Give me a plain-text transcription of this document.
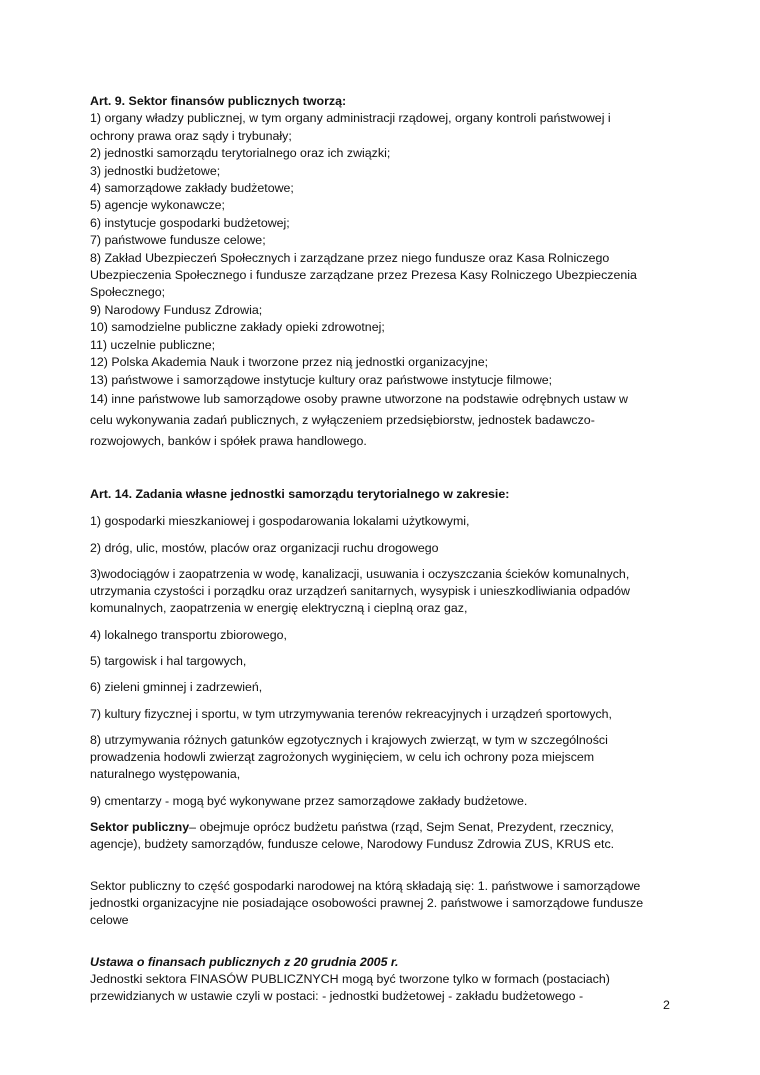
Art. 9. Sektor finansów publicznych tworzą:
1) organy władzy publicznej, w tym organy administracji rządowej, organy kontroli państwowej i
ochrony prawa oraz sądy i trybunały;
2) jednostki samorządu terytorialnego oraz ich związki;
3) jednostki budżetowe;
4) samorządowe zakłady budżetowe;
5) agencje wykonawcze;
6) instytucje gospodarki budżetowej;
7) państwowe fundusze celowe;
8) Zakład Ubezpieczeń Społecznych i zarządzane przez niego fundusze oraz Kasa Rolniczego
Ubezpieczenia Społecznego i fundusze zarządzane przez Prezesa Kasy Rolniczego Ubezpieczenia
Społecznego;
9) Narodowy Fundusz Zdrowia;
10) samodzielne publiczne zakłady opieki zdrowotnej;
11) uczelnie publiczne;
12) Polska Akademia Nauk i tworzone przez nią jednostki organizacyjne;
13) państwowe i samorządowe instytucje kultury oraz państwowe instytucje filmowe;
14) inne państwowe lub samorządowe osoby prawne utworzone na podstawie odrębnych ustaw w
celu wykonywania zadań publicznych, z wyłączeniem przedsiębiorstw, jednostek badawczo-
rozwojowych, banków i spółek prawa handlowego.
Art. 14. Zadania własne jednostki samorządu terytorialnego w zakresie:
1) gospodarki mieszkaniowej i gospodarowania lokalami użytkowymi,
2) dróg, ulic, mostów, placów oraz organizacji ruchu drogowego
3)wodociągów i zaopatrzenia w wodę, kanalizacji, usuwania i oczyszczania ścieków komunalnych,
utrzymania czystości i porządku oraz urządzeń sanitarnych, wysypisk i unieszkodliwiania odpadów
komunalnych, zaopatrzenia w energię elektryczną i cieplną oraz gaz,
4) lokalnego transportu zbiorowego,
5) targowisk i hal targowych,
6) zieleni gminnej i zadrzewień,
7) kultury fizycznej i sportu, w tym utrzymywania terenów rekreacyjnych i urządzeń sportowych,
8) utrzymywania różnych gatunków egzotycznych i krajowych zwierząt, w tym w szczególności
prowadzenia hodowli zwierząt zagrożonych wyginięciem, w celu ich ochrony poza miejscem
naturalnego występowania,
9) cmentarzy - mogą być wykonywane przez samorządowe zakłady budżetowe.
Sektor publiczny– obejmuje oprócz budżetu państwa (rząd, Sejm Senat, Prezydent, rzecznicy,
agencje), budżety samorządów, fundusze celowe, Narodowy Fundusz Zdrowia ZUS, KRUS etc.
Sektor publiczny to część gospodarki narodowej na którą składają się: 1. państwowe i samorządowe
jednostki organizacyjne nie posiadające osobowości prawnej 2. państwowe i samorządowe fundusze
celowe
Ustawa o finansach publicznych z 20 grudnia 2005 r.
Jednostki sektora FINASÓW PUBLICZNYCH mogą być tworzone tylko w formach (postaciach)
przewidzianych w ustawie czyli w postaci: - jednostki budżetowej - zakładu budżetowego -
2
